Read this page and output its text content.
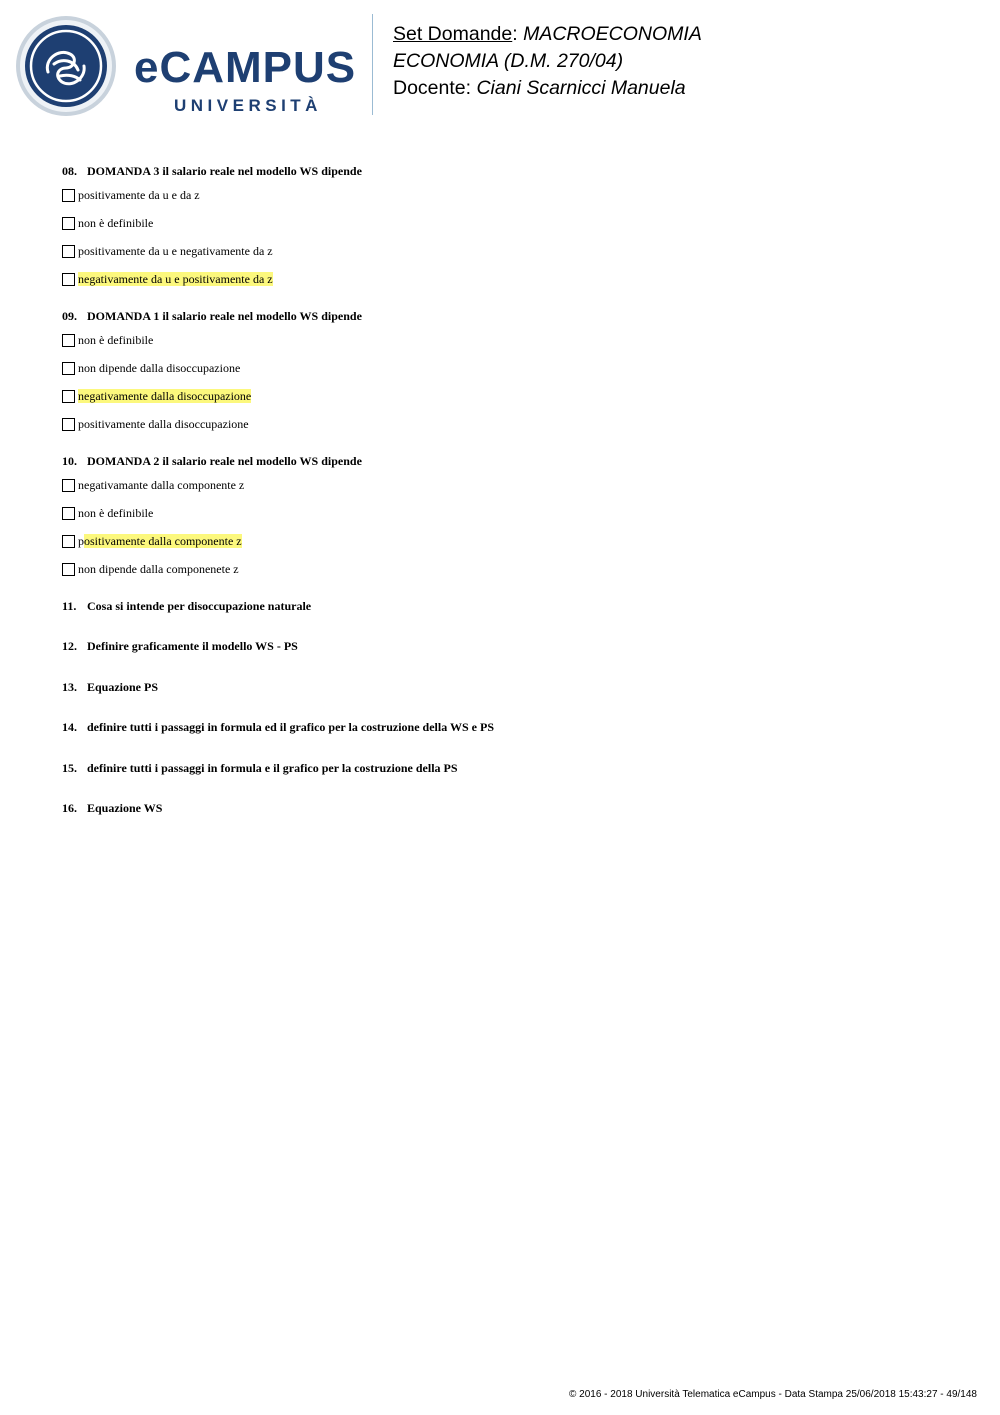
eCAMPUS
UNIVERSITÀ
Set Domande: MACROECONOMIA
ECONOMIA (D.M. 270/04)
Docente: Ciani Scarnicci Manuela
08. DOMANDA 3 il salario reale nel modello WS dipende
positivamente da u e da z
non è definibile
positivamente da u e negativamente da z
negativamente da u e positivamente da z
09. DOMANDA 1 il salario reale nel modello WS dipende
non è definibile
non dipende dalla disoccupazione
negativamente dalla disoccupazione
positivamente dalla disoccupazione
10. DOMANDA 2 il salario reale nel modello WS dipende
negativamante dalla componente z
non è definibile
positivamente dalla componente z
non dipende dalla componenete z
11. Cosa si intende per disoccupazione naturale
12. Definire graficamente il modello WS - PS
13. Equazione PS
14. definire tutti i passaggi in formula ed il grafico per la costruzione della WS e PS
15. definire tutti i passaggi in formula e il grafico per la costruzione della PS
16. Equazione WS
© 2016 - 2018 Università Telematica eCampus - Data Stampa 25/06/2018 15:43:27 - 49/148
